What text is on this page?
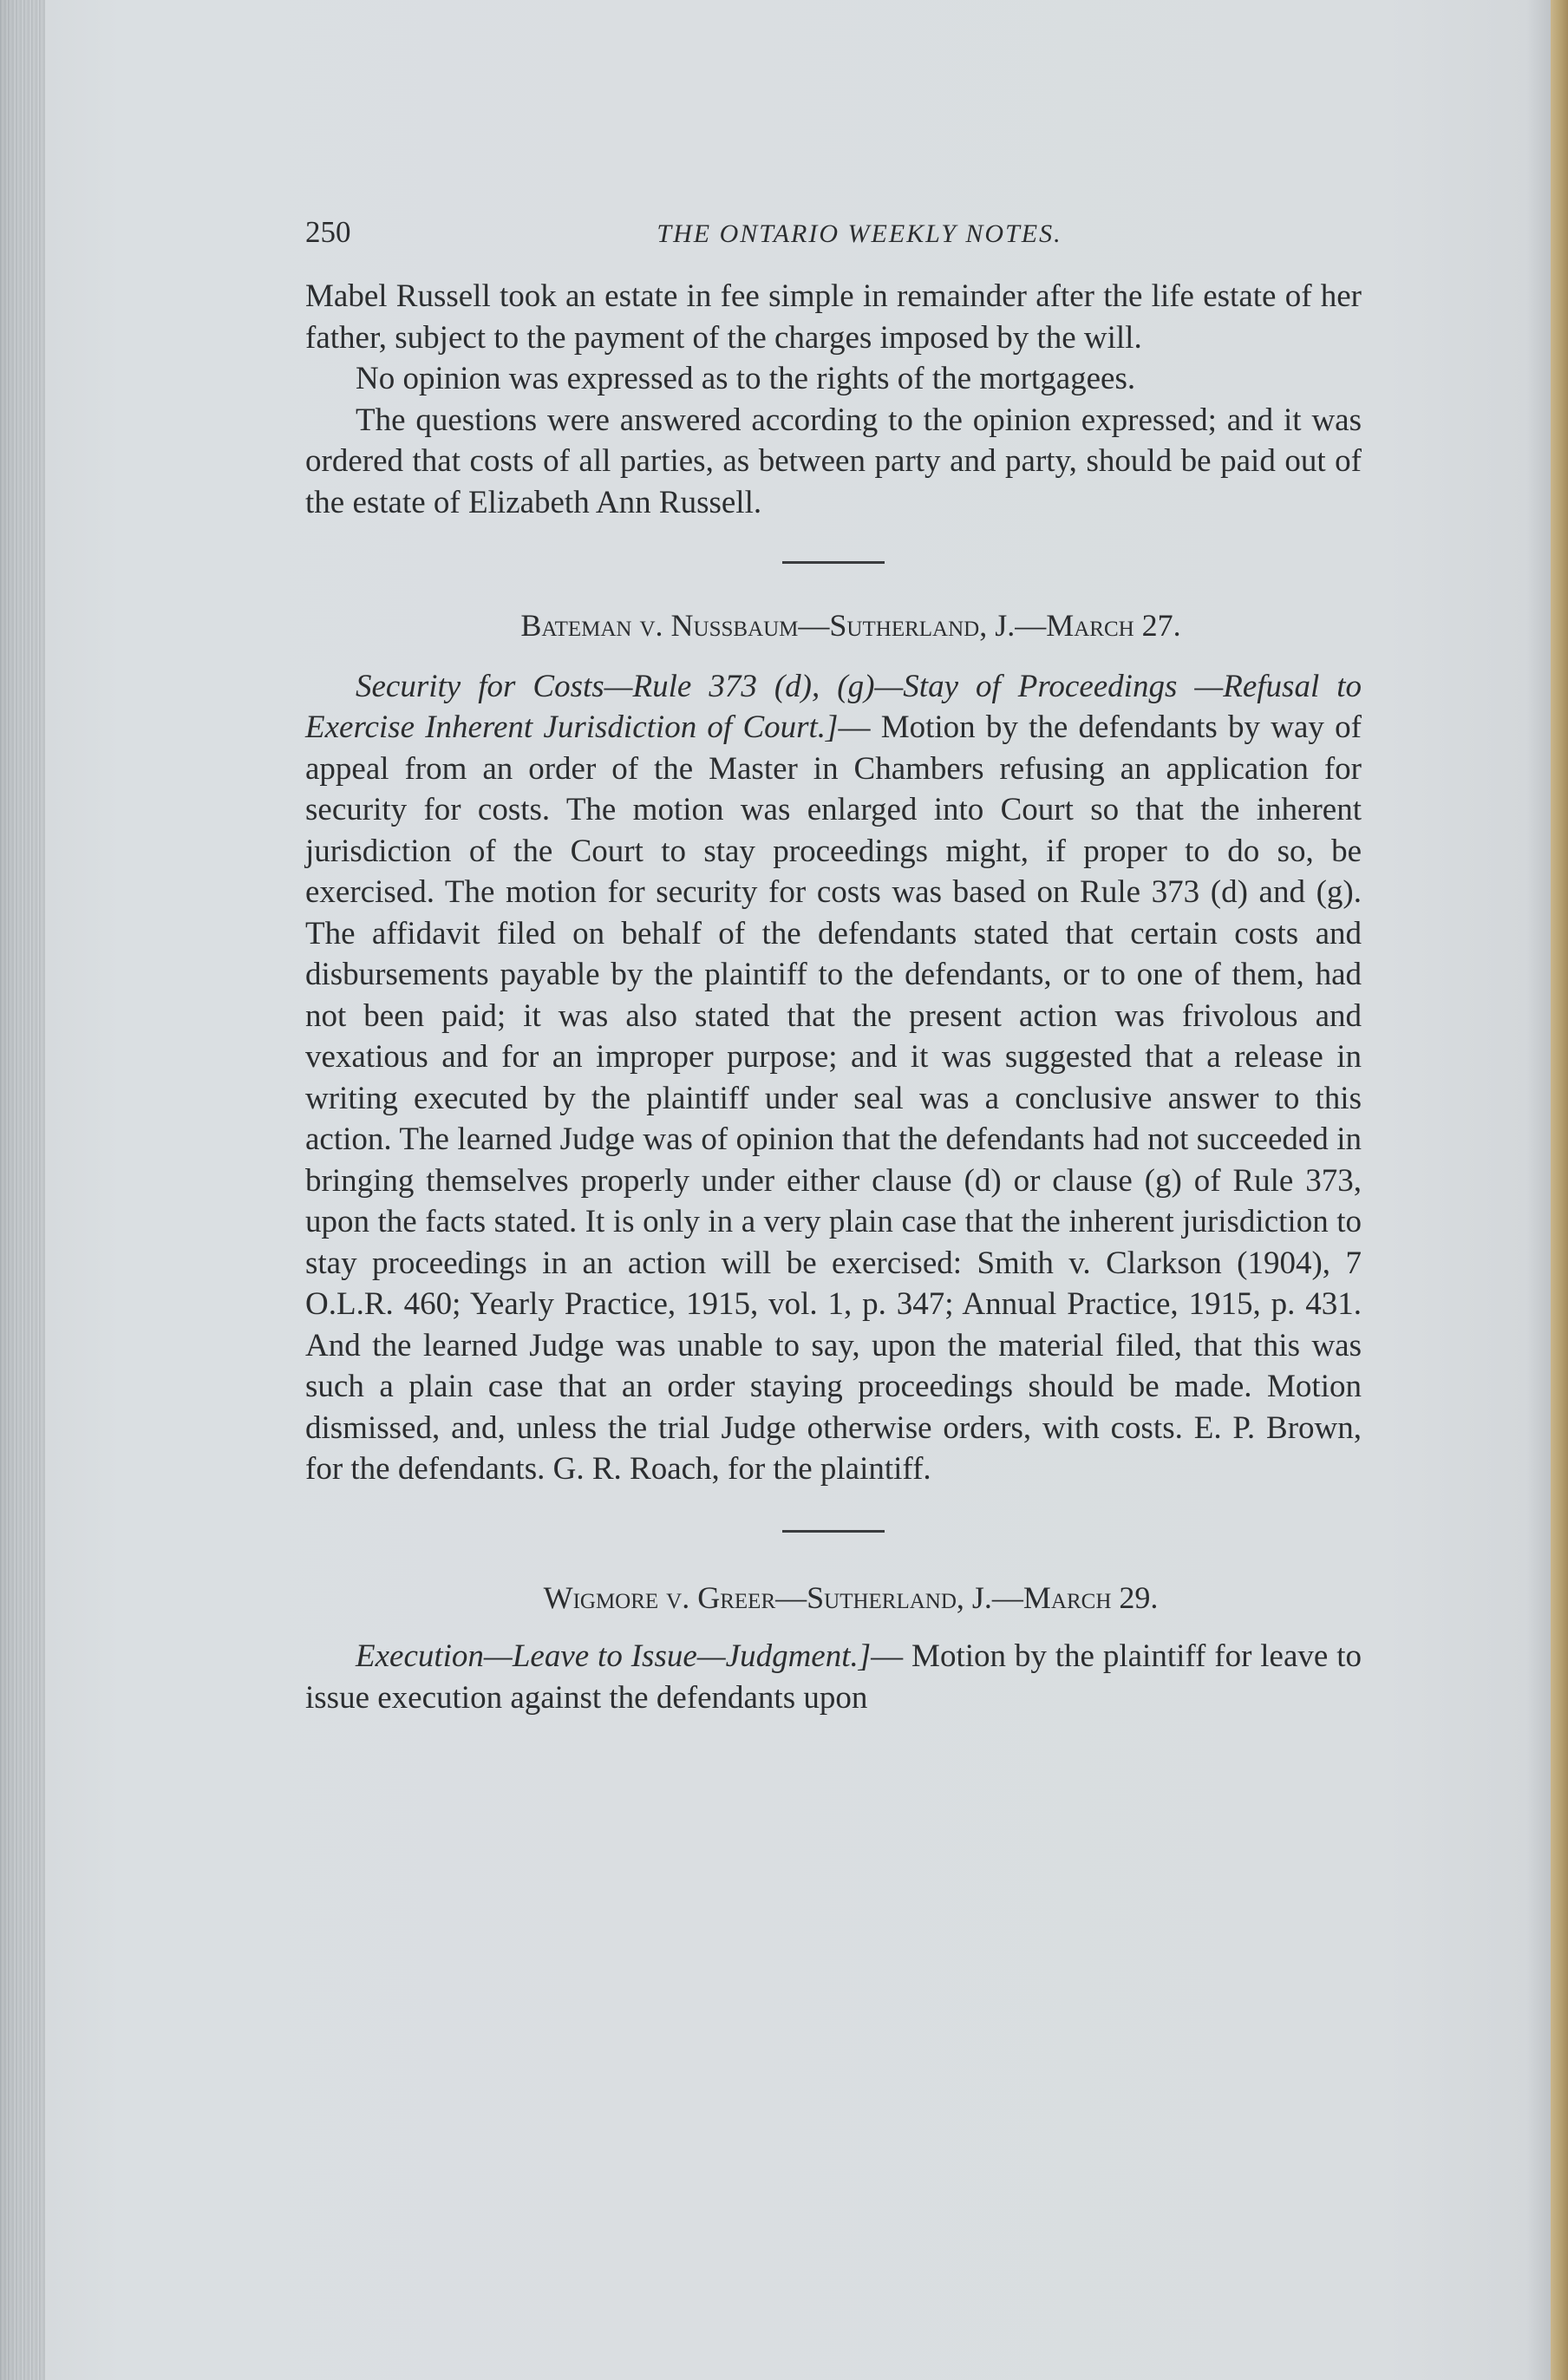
250	THE ONTARIO WEEKLY NOTES.

Mabel Russell took an estate in fee simple in remainder after the life estate of her father, subject to the payment of the charges imposed by the will.

No opinion was expressed as to the rights of the mortgagees.

The questions were answered according to the opinion expressed; and it was ordered that costs of all parties, as between party and party, should be paid out of the estate of Elizabeth Ann Russell.

Bateman v. Nussbaum—Sutherland, J.—March 27.

Security for Costs—Rule 373 (d), (g)—Stay of Proceedings —Refusal to Exercise Inherent Jurisdiction of Court.]— Motion by the defendants by way of appeal from an order of the Master in Chambers refusing an application for security for costs. The motion was enlarged into Court so that the inherent jurisdiction of the Court to stay proceedings might, if proper to do so, be exercised. The motion for security for costs was based on Rule 373 (d) and (g). The affidavit filed on behalf of the defendants stated that certain costs and disbursements payable by the plaintiff to the defendants, or to one of them, had not been paid; it was also stated that the present action was frivolous and vexatious and for an improper purpose; and it was suggested that a release in writing executed by the plaintiff under seal was a conclusive answer to this action. The learned Judge was of opinion that the defendants had not succeeded in bringing themselves properly under either clause (d) or clause (g) of Rule 373, upon the facts stated. It is only in a very plain case that the inherent jurisdiction to stay proceedings in an action will be exercised: Smith v. Clarkson (1904), 7 O.L.R. 460; Yearly Practice, 1915, vol. 1, p. 347; Annual Practice, 1915, p. 431. And the learned Judge was unable to say, upon the material filed, that this was such a plain case that an order staying proceedings should be made. Motion dismissed, and, unless the trial Judge otherwise orders, with costs. E. P. Brown, for the defendants. G. R. Roach, for the plaintiff.

Wigmore v. Greer—Sutherland, J.—March 29.

Execution—Leave to Issue—Judgment.]— Motion by the plaintiff for leave to issue execution against the defendants upon
